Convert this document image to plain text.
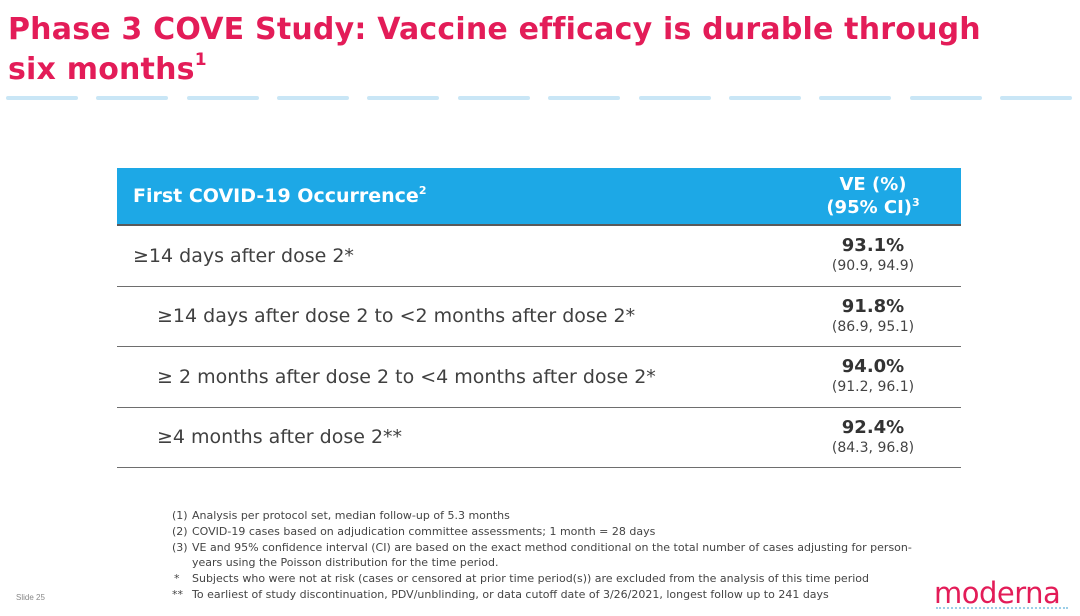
Phase 3 COVE Study: Vaccine efficacy is durable through six months$^1$
First COVID-19 Occurrence$^2$	VE (%)
(95% CI)$^3$
≥14 days after dose 2*	93.1%
(90.9, 94.9)
≥14 days after dose 2 to <2 months after dose 2*	91.8%
(86.9, 95.1)
≥ 2 months after dose 2 to <4 months after dose 2*	94.0%
(91.2, 96.1)
≥4 months after dose 2**	92.4%
(84.3, 96.8)
(1) Analysis per protocol set, median follow-up of 5.3 months
(2) COVID-19 cases based on adjudication committee assessments; 1 month = 28 days
(3) VE and 95% confidence interval (CI) are based on the exact method conditional on the total number of cases adjusting for person-years using the Poisson distribution for the time period.
*	Subjects who were not at risk (cases or censored at prior time period(s)) are excluded from the analysis of this time period
** To earliest of study discontinuation, PDV/unblinding, or data cutoff date of 3/26/2021, longest follow up to 241 days
Slide 25	moderna
